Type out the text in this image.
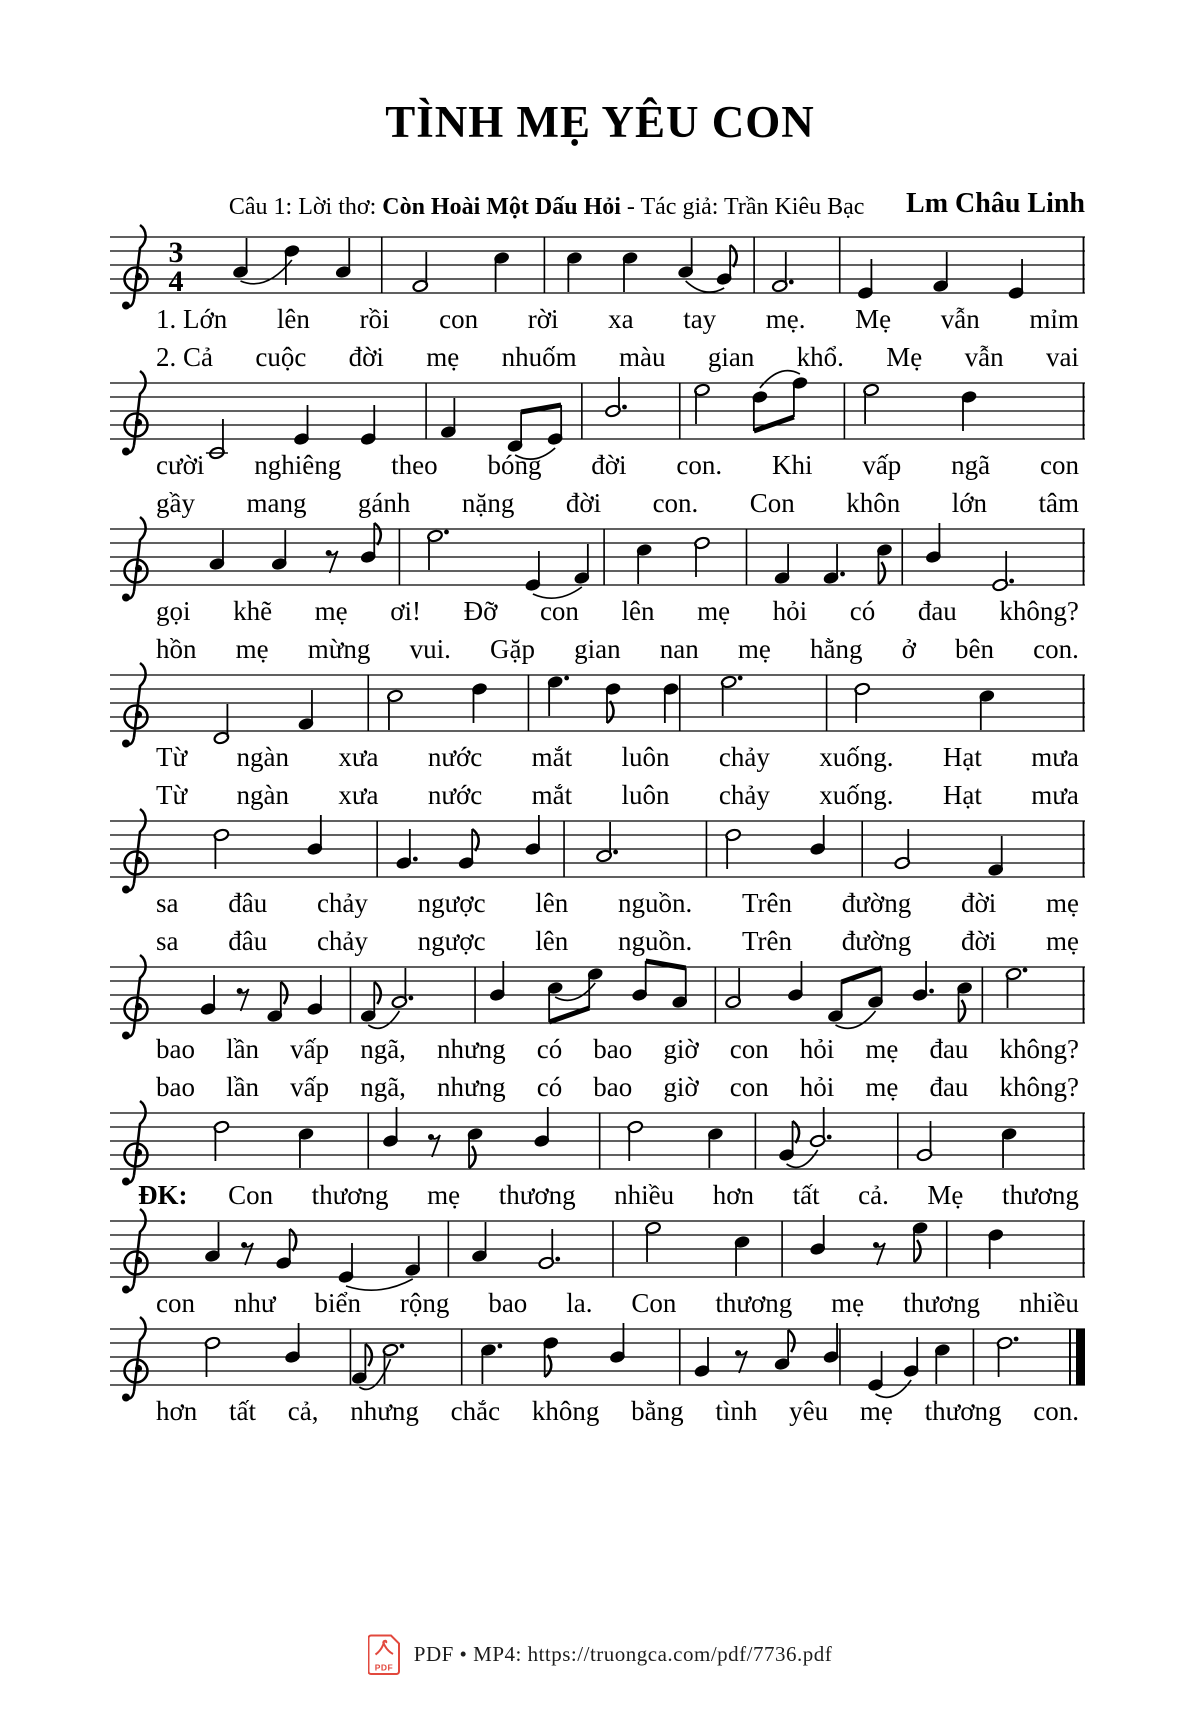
TÌNH MẸ YÊU CON
Câu 1: Lời thơ: Còn Hoài Một Dấu Hỏi - Tác giả: Trần Kiêu Bạc Lm Châu Linh
3
4
1. Lớn lên rồi con rời xa tay mẹ. Mẹ vẫn mỉm
2. Cả cuộc đời mẹ nhuốm màu gian khổ. Mẹ vẫn vai
cười nghiêng theo bóng đời con. Khi vấp ngã con
gầy mang gánh nặng đời con. Con khôn lớn tâm
gọi khẽ mẹ ơi! Đỡ con lên mẹ hỏi có đau không?
hồn mẹ mừng vui. Gặp gian nan mẹ hằng ở bên con.
Từ ngàn xưa nước mắt luôn chảy xuống. Hạt mưa
Từ ngàn xưa nước mắt luôn chảy xuống. Hạt mưa
sa đâu chảy ngược lên nguồn. Trên đường đời mẹ
sa đâu chảy ngược lên nguồn. Trên đường đời mẹ
bao lần vấp ngã, nhưng có bao giờ con hỏi mẹ đau không?
bao lần vấp ngã, nhưng có bao giờ con hỏi mẹ đau không?
ĐK: Con thương mẹ thương nhiều hơn tất cả. Mẹ thương
con như biển rộng bao la. Con thương mẹ thương nhiều
hơn tất cả, nhưng chắc không bằng tình yêu mẹ thương con.
PDF
PDF • MP4: https://truongca.com/pdf/7736.pdf
